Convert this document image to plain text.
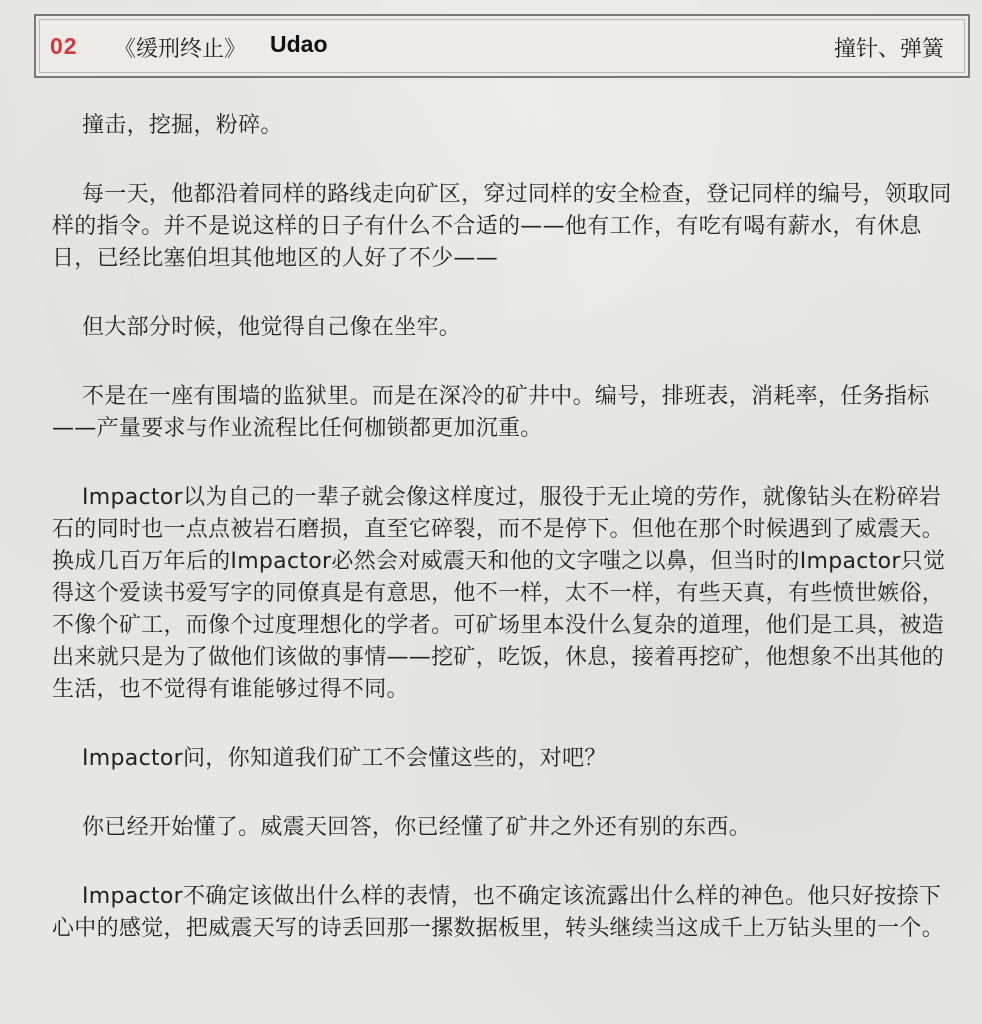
02 《缓刑终止》 Udao	撞针、弹簧

撞击，挖掘，粉碎。

每一天，他都沿着同样的路线走向矿区，穿过同样的安全检查，登记同样的编号，领取同样的指令。并不是说这样的日子有什么不合适的——他有工作，有吃有喝有薪水，有休息日，已经比塞伯坦其他地区的人好了不少——

但大部分时候，他觉得自己像在坐牢。

不是在一座有围墙的监狱里。而是在深冷的矿井中。编号，排班表，消耗率，任务指标——产量要求与作业流程比任何枷锁都更加沉重。

Impactor以为自己的一辈子就会像这样度过，服役于无止境的劳作，就像钻头在粉碎岩石的同时也一点点被岩石磨损，直至它碎裂，而不是停下。但他在那个时候遇到了威震天。换成几百万年后的Impactor必然会对威震天和他的文字嗤之以鼻，但当时的Impactor只觉得这个爱读书爱写字的同僚真是有意思，他不一样，太不一样，有些天真，有些愤世嫉俗，不像个矿工，而像个过度理想化的学者。可矿场里本没什么复杂的道理，他们是工具，被造出来就只是为了做他们该做的事情——挖矿，吃饭，休息，接着再挖矿，他想象不出其他的生活，也不觉得有谁能够过得不同。

Impactor问，你知道我们矿工不会懂这些的，对吧？

你已经开始懂了。威震天回答，你已经懂了矿井之外还有别的东西。

Impactor不确定该做出什么样的表情，也不确定该流露出什么样的神色。他只好按捺下心中的感觉，把威震天写的诗丢回那一摞数据板里，转头继续当这成千上万钻头里的一个。
